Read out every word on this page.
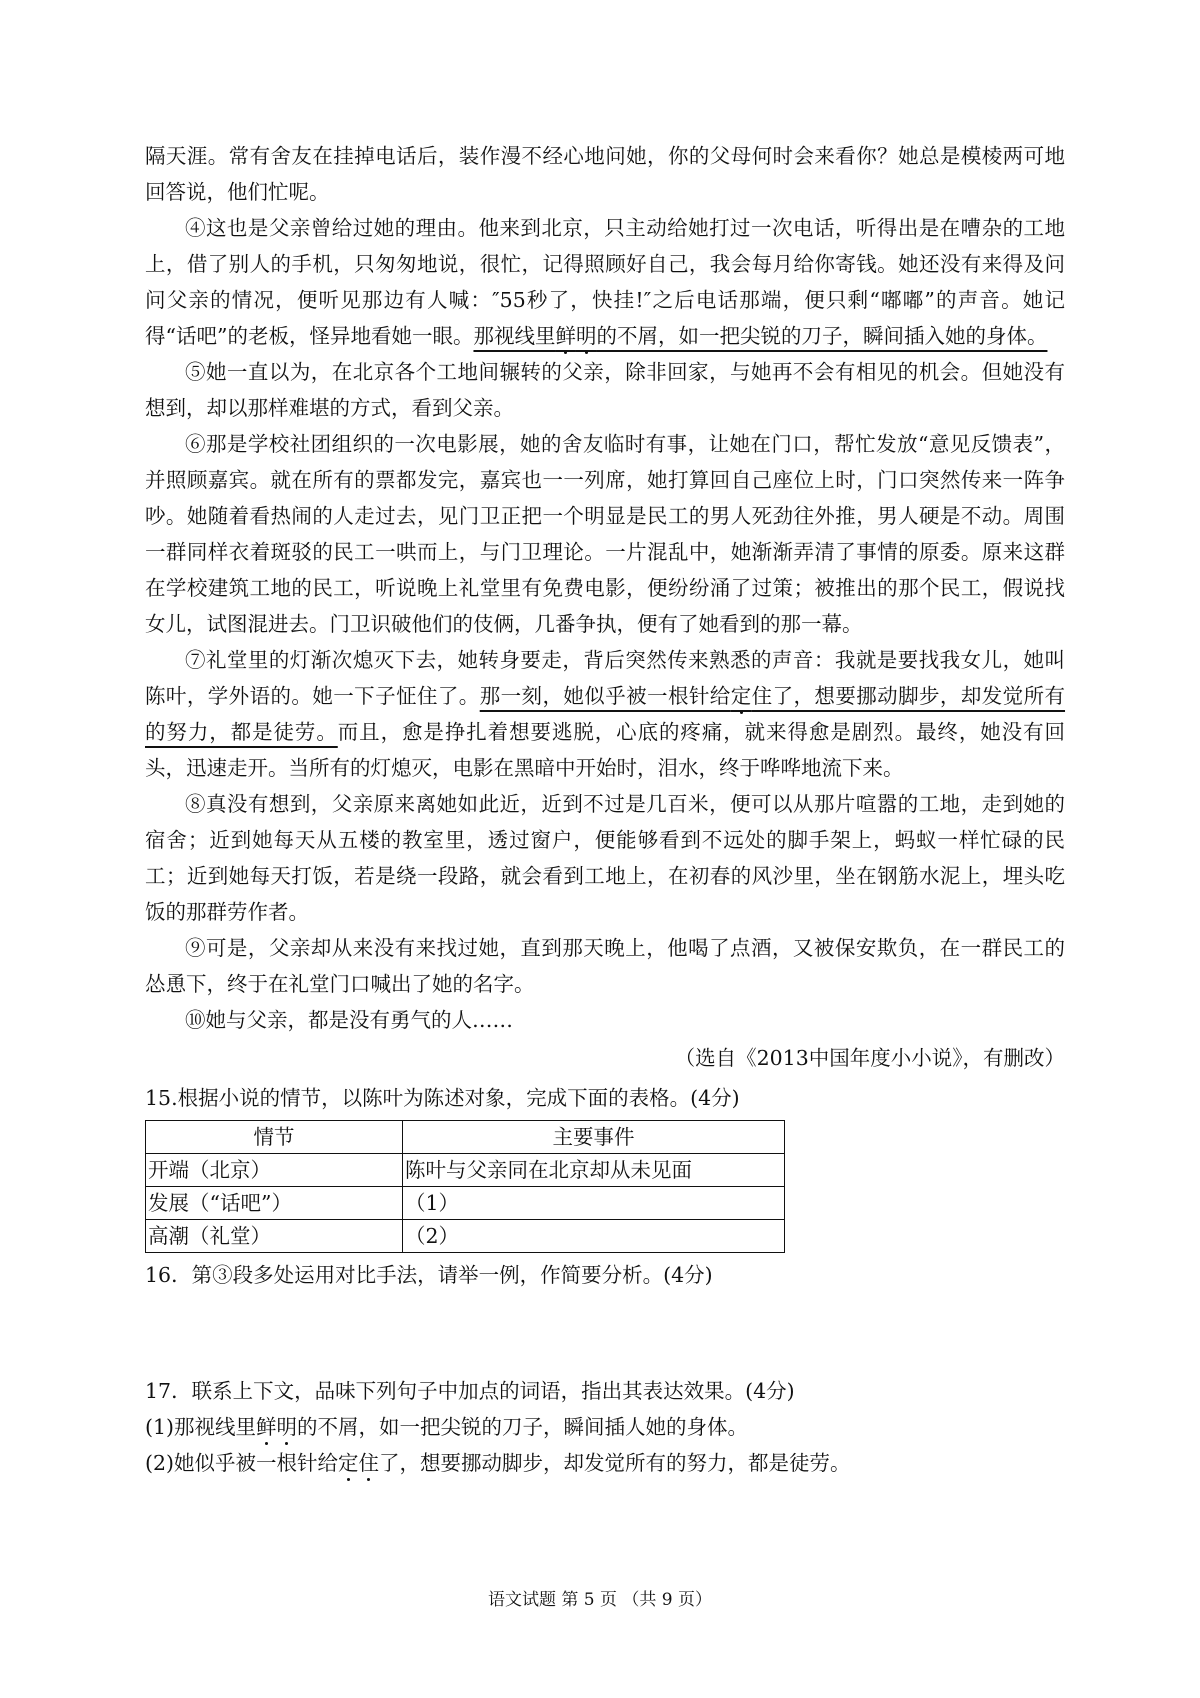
隔天涯。常有舍友在挂掉电话后，装作漫不经心地问她，你的父母何时会来看你？她总是模棱两可地回答说，他们忙呢。

④这也是父亲曾给过她的理由。他来到北京，只主动给她打过一次电话，听得出是在嘈杂的工地上，借了别人的手机，只匆匆地说，很忙，记得照顾好自己，我会每月给你寄钱。她还没有来得及问问父亲的情况，便听见那边有人喊：″55秒了，快挂!″之后电话那端，便只剩“嘟嘟”的声音。她记得“话吧”的老板，怪异地看她一眼。那视线里鲜明的不屑，如一把尖锐的刀子，瞬间插入她的身体。

⑤她一直以为，在北京各个工地间辗转的父亲，除非回家，与她再不会有相见的机会。但她没有想到，却以那样难堪的方式，看到父亲。

⑥那是学校社团组织的一次电影展，她的舍友临时有事，让她在门口，帮忙发放“意见反馈表”，并照顾嘉宾。就在所有的票都发完，嘉宾也一一列席，她打算回自己座位上时，门口突然传来一阵争吵。她随着看热闹的人走过去，见门卫正把一个明显是民工的男人死劲往外推，男人硬是不动。周围一群同样衣着斑驳的民工一哄而上，与门卫理论。一片混乱中，她渐渐弄清了事情的原委。原来这群在学校建筑工地的民工，听说晚上礼堂里有免费电影，便纷纷涌了过策；被推出的那个民工，假说找女儿，试图混进去。门卫识破他们的伎俩，几番争执，便有了她看到的那一幕。

⑦礼堂里的灯渐次熄灭下去，她转身要走，背后突然传来熟悉的声音：我就是要找我女儿，她叫陈叶，学外语的。她一下子怔住了。那一刻，她似乎被一根针给定住了，想要挪动脚步，却发觉所有的努力，都是徒劳。而且，愈是挣扎着想要逃脱，心底的疼痛，就来得愈是剧烈。最终，她没有回头，迅速走开。当所有的灯熄灭，电影在黑暗中开始时，泪水，终于哗哗地流下来。

⑧真没有想到，父亲原来离她如此近，近到不过是几百米，便可以从那片喧嚣的工地，走到她的宿舍；近到她每天从五楼的教室里，透过窗户，便能够看到不远处的脚手架上，蚂蚁一样忙碌的民工；近到她每天打饭，若是绕一段路，就会看到工地上，在初春的风沙里，坐在钢筋水泥上，埋头吃饭的那群劳作者。

⑨可是，父亲却从来没有来找过她，直到那天晚上，他喝了点酒，又被保安欺负，在一群民工的怂恿下，终于在礼堂门口喊出了她的名字。

⑩她与父亲，都是没有勇气的人……

（选自《2013中国年度小小说》，有删改）

15.根据小说的情节，以陈叶为陈述对象，完成下面的表格。(4分)

情节	主要事件
开端（北京）	陈叶与父亲同在北京却从未见面
发展（“话吧”）	（1）
高潮（礼堂）	（2）

16．第③段多处运用对比手法，请举一例，作简要分析。(4分)

17．联系上下文，品味下列句子中加点的词语，指出其表达效果。(4分)

(1)那视线里鲜明的不屑，如一把尖锐的刀子，瞬间插人她的身体。

(2)她似乎被一根针给定住了，想要挪动脚步，却发觉所有的努力，都是徒劳。

语文试题 第 5 页 （共 9 页）
